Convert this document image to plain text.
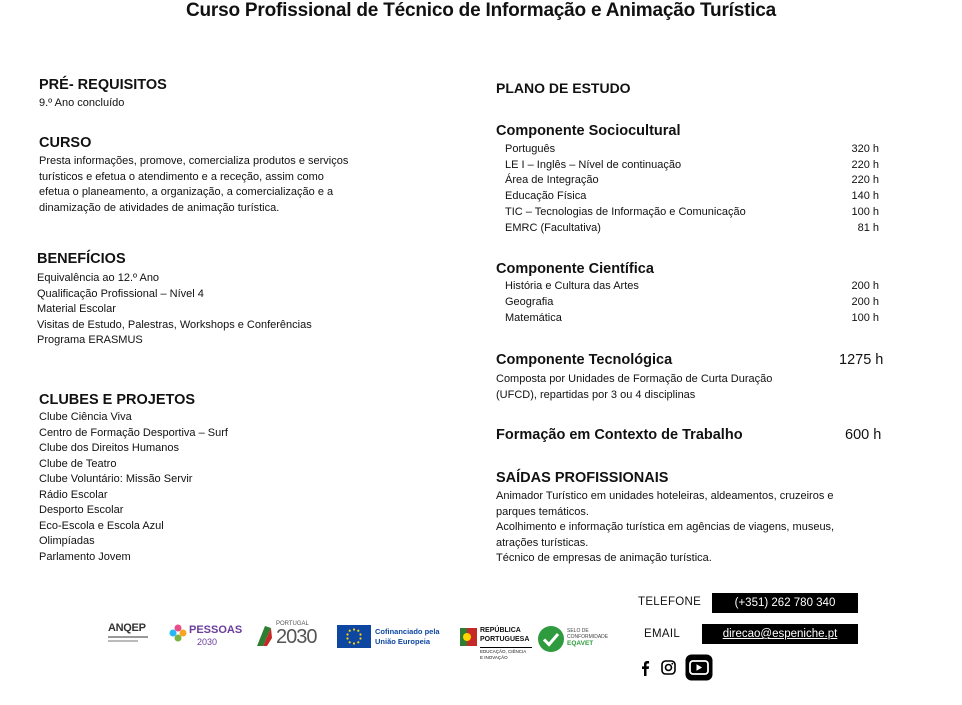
Curso Profissional de Técnico de Informação e Animação Turística
PRÉ- REQUISITOS
9.º Ano concluído
CURSO
Presta informações, promove, comercializa produtos e serviços
turísticos e efetua o atendimento e a receção, assim como
efetua o planeamento, a organização, a comercialização e a
dinamização de atividades de animação turística.
BENEFÍCIOS
Equivalência ao 12.º Ano
Qualificação Profissional – Nível 4
Material Escolar
Visitas de Estudo, Palestras, Workshops e Conferências
Programa ERASMUS
CLUBES E PROJETOS
Clube Ciência Viva
Centro de Formação Desportiva – Surf
Clube dos Direitos Humanos
Clube de Teatro
Clube Voluntário: Missão Servir
Rádio Escolar
Desporto Escolar
Eco-Escola e Escola Azul
Olimpíadas
Parlamento Jovem
PLANO DE ESTUDO
Componente Sociocultural
Português	320 h
LE I – Inglês – Nível de continuação	220 h
Área de Integração	220 h
Educação Física	140 h
TIC – Tecnologias de Informação e Comunicação	100 h
EMRC (Facultativa)	81 h
Componente Científica
História e Cultura das Artes	200 h
Geografia	200 h
Matemática	100 h
Componente Tecnológica	1275 h
Composta por Unidades de Formação de Curta Duração
(UFCD), repartidas por 3 ou 4 disciplinas
Formação em Contexto de Trabalho	600 h
SAÍDAS PROFISSIONAIS
Animador Turístico em unidades hoteleiras, aldeamentos, cruzeiros e
parques temáticos.
Acolhimento e informação turística em agências de viagens, museus,
atrações turísticas.
Técnico de empresas de animação turística.
TELEFONE	(+351) 262 780 340
EMAIL	direcao@espeniche.pt
ANQEP	PESSOAS
2030
PORTUGAL
2030	Cofinanciado pela
União Europeia
REPÚBLICA
PORTUGUESA
EDUCAÇÃO, CIÊNCIA
E INOVAÇÃO
SELO DE
CONFORMIDADE
EQAVET
